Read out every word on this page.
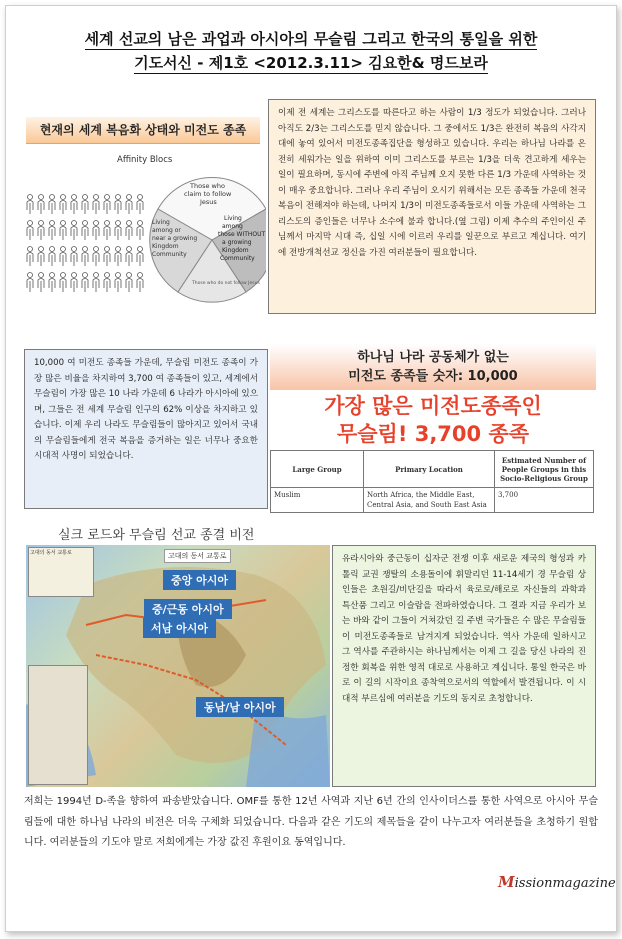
세계 선교의 남은 과업과 아시아의 무슬림 그리고 한국의 통일을 위한
기도서신 - 제1호 <2012.3.11> 김요한& 명드보라
현재의 세계 복음화 상태와 미전도 종족
Affinity Blocs
Those who claim to follow Jesus
Living among or near a growing Kingdom Community
Living among those WITHOUT a growing Kingdom Community
Those who do not follow Jesus
이제 전 세계는 그리스도를 따른다고 하는 사람이 1/3 정도가 되었습니다. 그러나 아직도 2/3는 그리스도를 믿지 않습니다. 그 중에서도 1/3은 완전히 복음의 사각지대에 놓여 있어서 미전도종족집단을 형성하고 있습니다. 우리는 하나님 나라를 온전히 세워가는 일을 위하여 이미 그리스도를 부르는 1/3을 더욱 견고하게 세우는 일이 필요하며, 동시에 주변에 아직 주님께 오지 못한 다른 1/3 가운데 사역하는 것이 매우 중요합니다. 그러나 우리 주님이 오시기 위해서는 모든 종족들 가운데 천국복음이 전해져야 하는데, 나머지 1/3이 미전도종족들로서 이들 가운데 사역하는 그리스도의 증인들은 너무나 소수에 불과 합니다.(옆 그림) 이제 추수의 주인이신 주님께서 마지막 시대 즉, 십일 시에 이르러 우리를 일꾼으로 부르고 계십니다. 여기에 전방개척선교 정신을 가진 여러분들이 필요합니다.
10,000 여 미전도 종족들 가운데, 무슬림 미전도 종족이 가장 많은 비율을 차지하여 3,700 여 종족들이 있고, 세계에서 무슬림이 가장 많은 10 나라 가운데 6 나라가 아시아에 있으며, 그들은 전 세계 무슬림 인구의 62% 이상을 차지하고 있습니다. 이제 우리 나라도 무슬림들이 많아지고 있어서 국내의 무슬림들에게 전국 복음을 증거하는 일은 너무나 중요한 시대적 사명이 되었습니다.
하나님 나라 공동체가 없는
미전도 종족들 숫자: 10,000
가장 많은 미전도종족인
무슬림! 3,700 종족
Large Group	Primary Location	Estimated Number of People Groups in this Socio-Religious Group
Muslim	North Africa, the Middle East, Central Asia, and South East Asia	3,700
실크 로드와 무슬림 선교 종결 비전
고대의 동서 교통로	고대의 동서 교통로
중앙 아시아
중/근동 아시아
서남 아시아
동남/남 아시아
유라시아와 중근동이 십자군 전쟁 이후 새로운 제국의 형성과 카톨릭 교권 쟁탈의 소용돌이에 휘말리던 11-14세기 경 무슬림 상인들은 초원길/비단길을 따라서 육로로/해로로 자신들의 과학과 특산품 그리고 이슬람을 전파하였습니다. 그 결과 지금 우리가 보는 바와 같이 그들이 거쳐갔던 길 주변 국가들은 수 많은 무슬림들이 미전도종족들로 남겨지게 되었습니다. 역사 가운데 일하시고 그 역사를 주관하시는 하나님께서는 이제 그 길을 당신 나라의 진정한 회복을 위한 영적 대로로 사용하고 계십니다. 통일 한국은 바로 이 길의 시작이요 종착역으로서의 역할에서 발견됩니다. 이 시대적 부르심에 여러분을 기도의 동지로 초청합니다.
저희는 1994년 D-족을 향하여 파송받았습니다. OMF를 통한 12년 사역과 지난 6년 간의 인사이더스를 통한 사역으로 아시아 무슬림들에 대한 하나님 나라의 비전은 더욱 구체화 되었습니다. 다음과 같은 기도의 제목들을 같이 나누고자 여러분들을 초청하기 원합니다. 여러분들의 기도야 말로 저희에게는 가장 값진 후원이요 동역입니다.
Missionmagazine
